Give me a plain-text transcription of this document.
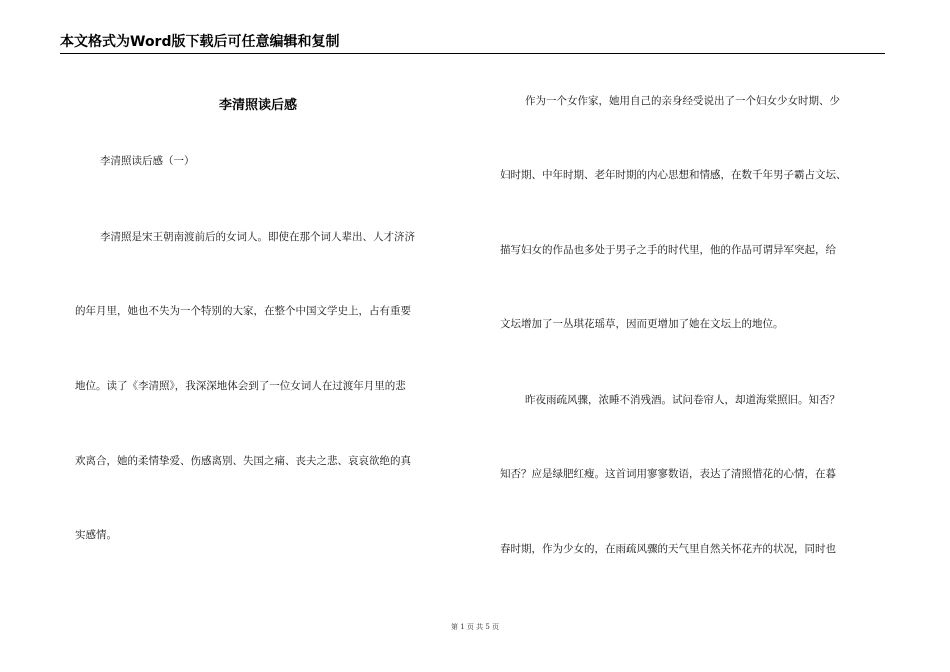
本文格式为Word版下载后可任意编辑和复制
李清照读后感
李清照读后感（一）
李清照是宋王朝南渡前后的女词人。即使在那个词人辈出、人才济济
的年月里，她也不失为一个特别的大家，在整个中国文学史上，占有重要
地位。读了《李清照》，我深深地体会到了一位女词人在过渡年月里的悲
欢离合，她的柔情挚爱、伤感离别、失国之痛、丧夫之悲、哀哀欲绝的真
实感情。
作为一个女作家，她用自己的亲身经受说出了一个妇女少女时期、少
妇时期、中年时期、老年时期的内心思想和情感，在数千年男子霸占文坛、
描写妇女的作品也多处于男子之手的时代里，他的作品可谓异军突起，给
文坛增加了一丛琪花瑶草，因而更增加了她在文坛上的地位。
昨夜雨疏风骤，浓睡不消残酒。试问卷帘人，却道海棠照旧。知否？
知否？应是绿肥红瘦。这首词用寥寥数语，表达了清照惜花的心情，在暮
春时期，作为少女的，在雨疏风骤的天气里自然关怀花卉的状况，同时也
第 1 页 共 5 页
